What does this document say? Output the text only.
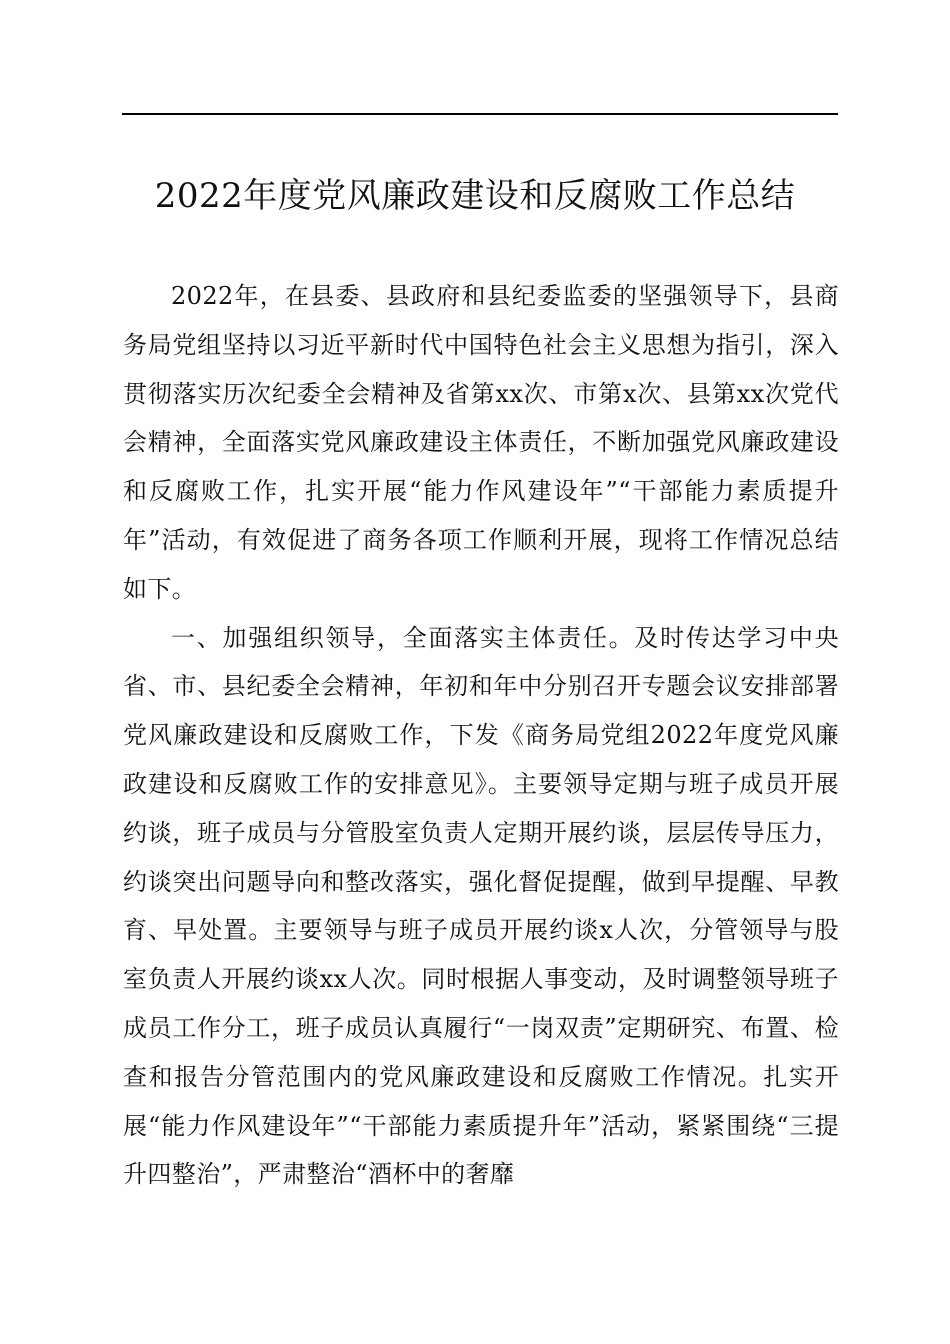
2022年度党风廉政建设和反腐败工作总结

2022年，在县委、县政府和县纪委监委的坚强领导下，县商务局党组坚持以习近平新时代中国特色社会主义思想为指引，深入贯彻落实历次纪委全会精神及省第xx次、市第x次、县第xx次党代会精神，全面落实党风廉政建设主体责任，不断加强党风廉政建设和反腐败工作，扎实开展“能力作风建设年”“干部能力素质提升年”活动，有效促进了商务各项工作顺利开展，现将工作情况总结如下。

一、加强组织领导，全面落实主体责任。及时传达学习中央省、市、县纪委全会精神，年初和年中分别召开专题会议安排部署党风廉政建设和反腐败工作，下发《商务局党组2022年度党风廉政建设和反腐败工作的安排意见》。主要领导定期与班子成员开展约谈，班子成员与分管股室负责人定期开展约谈，层层传导压力，约谈突出问题导向和整改落实，强化督促提醒，做到早提醒、早教育、早处置。主要领导与班子成员开展约谈x人次，分管领导与股室负责人开展约谈xx人次。同时根据人事变动，及时调整领导班子成员工作分工，班子成员认真履行“一岗双责”定期研究、布置、检查和报告分管范围内的党风廉政建设和反腐败工作情况。扎实开展“能力作风建设年”“干部能力素质提升年”活动，紧紧围绕“三提升四整治”，严肃整治“酒杯中的奢靡
